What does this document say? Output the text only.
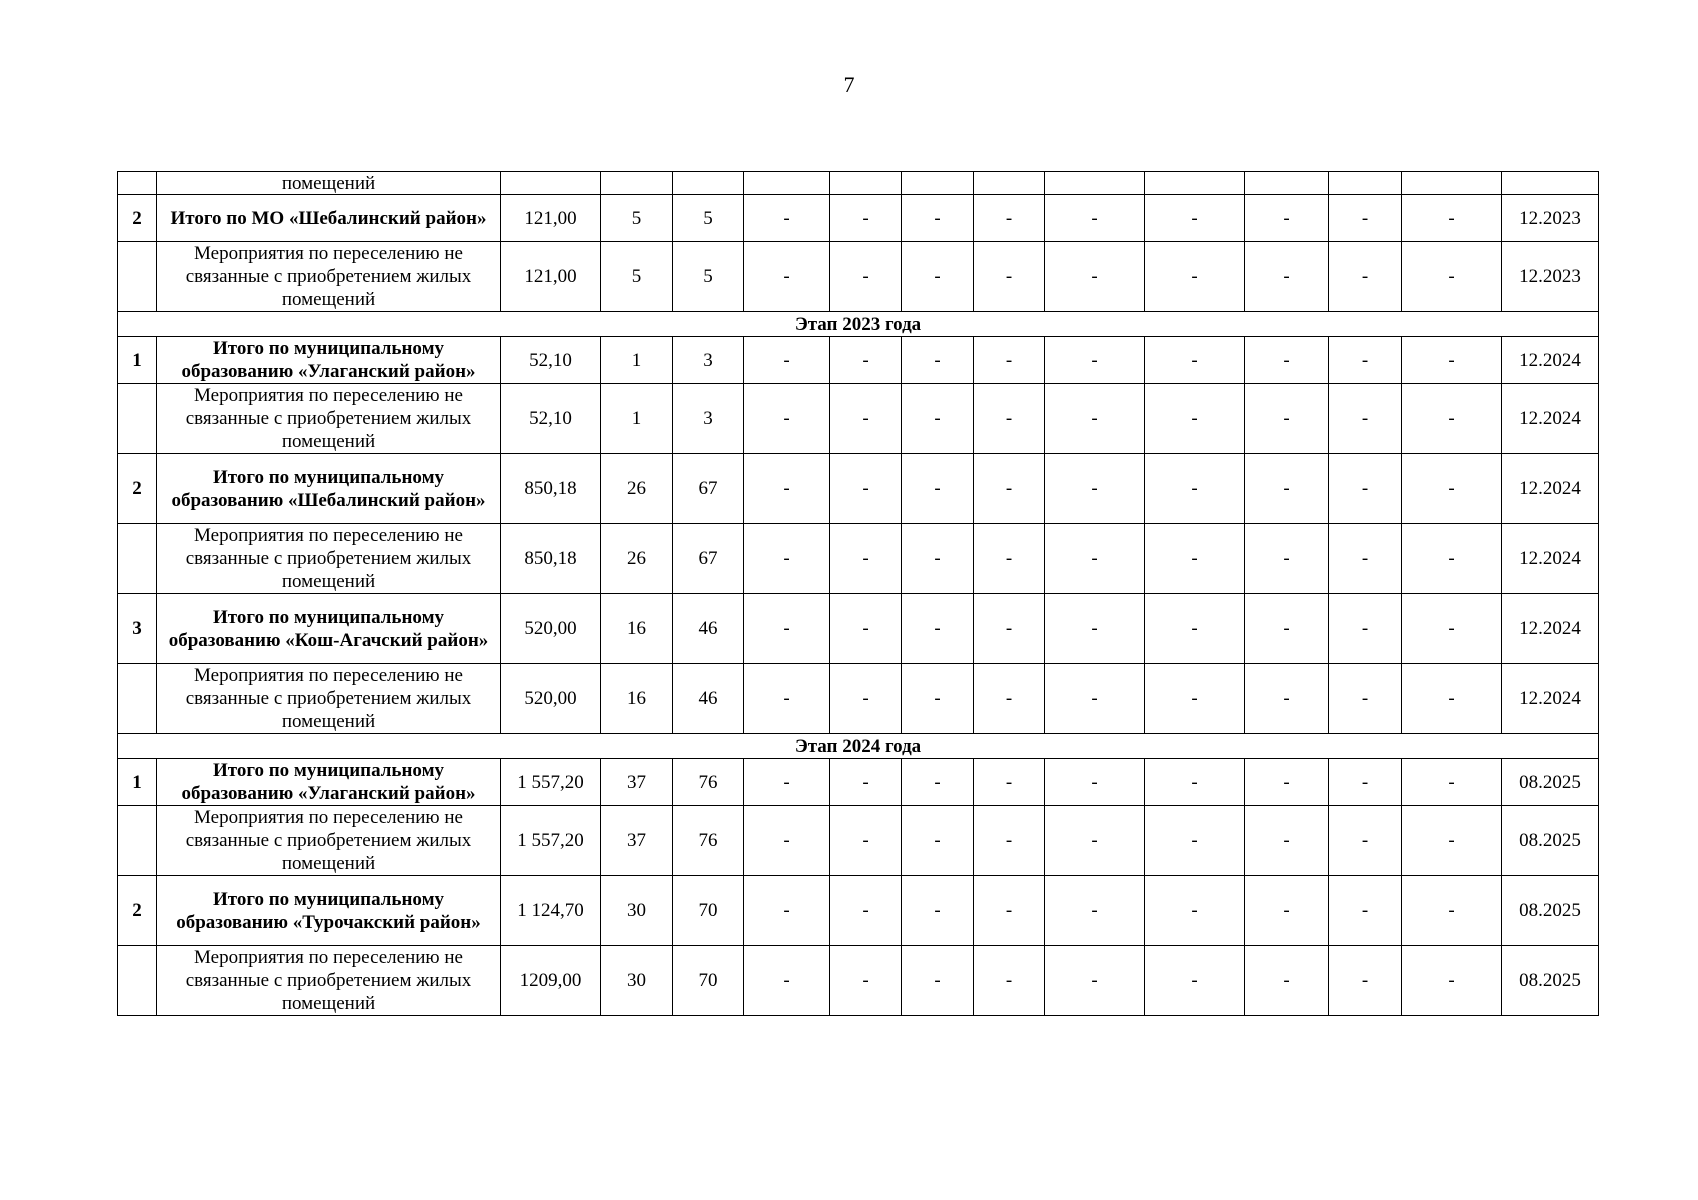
7
	помещений														
2	Итого по МО «Шебалинский район»	121,00	5	5	-	-	-	-	-	-	-	-	-	12.2023	
	Мероприятия по переселению не связанные с приобретением жилых помещений	121,00	5	5	-	-	-	-	-	-	-	-	-	12.2023	
Этап 2023 года															
1	Итого по муниципальному образованию «Улаганский район»	52,10	1	3	-	-	-	-	-	-	-	-	-	12.2024	
	Мероприятия по переселению не связанные с приобретением жилых помещений	52,10	1	3	-	-	-	-	-	-	-	-	-	12.2024	
2	Итого по муниципальному образованию «Шебалинский район»	850,18	26	67	-	-	-	-	-	-	-	-	-	12.2024	
	Мероприятия по переселению не связанные с приобретением жилых помещений	850,18	26	67	-	-	-	-	-	-	-	-	-	12.2024	
3	Итого по муниципальному образованию «Кош-Агачский район»	520,00	16	46	-	-	-	-	-	-	-	-	-	12.2024	
	Мероприятия по переселению не связанные с приобретением жилых помещений	520,00	16	46	-	-	-	-	-	-	-	-	-	12.2024	
Этап 2024 года															
1	Итого по муниципальному образованию «Улаганский район»	1 557,20	37	76	-	-	-	-	-	-	-	-	-	08.2025	
	Мероприятия по переселению не связанные с приобретением жилых помещений	1 557,20	37	76	-	-	-	-	-	-	-	-	-	08.2025	
2	Итого по муниципальному образованию «Турочакский район»	1 124,70	30	70	-	-	-	-	-	-	-	-	-	08.2025	
	Мероприятия по переселению не связанные с приобретением жилых помещений	1209,00	30	70	-	-	-	-	-	-	-	-	-	08.2025	
